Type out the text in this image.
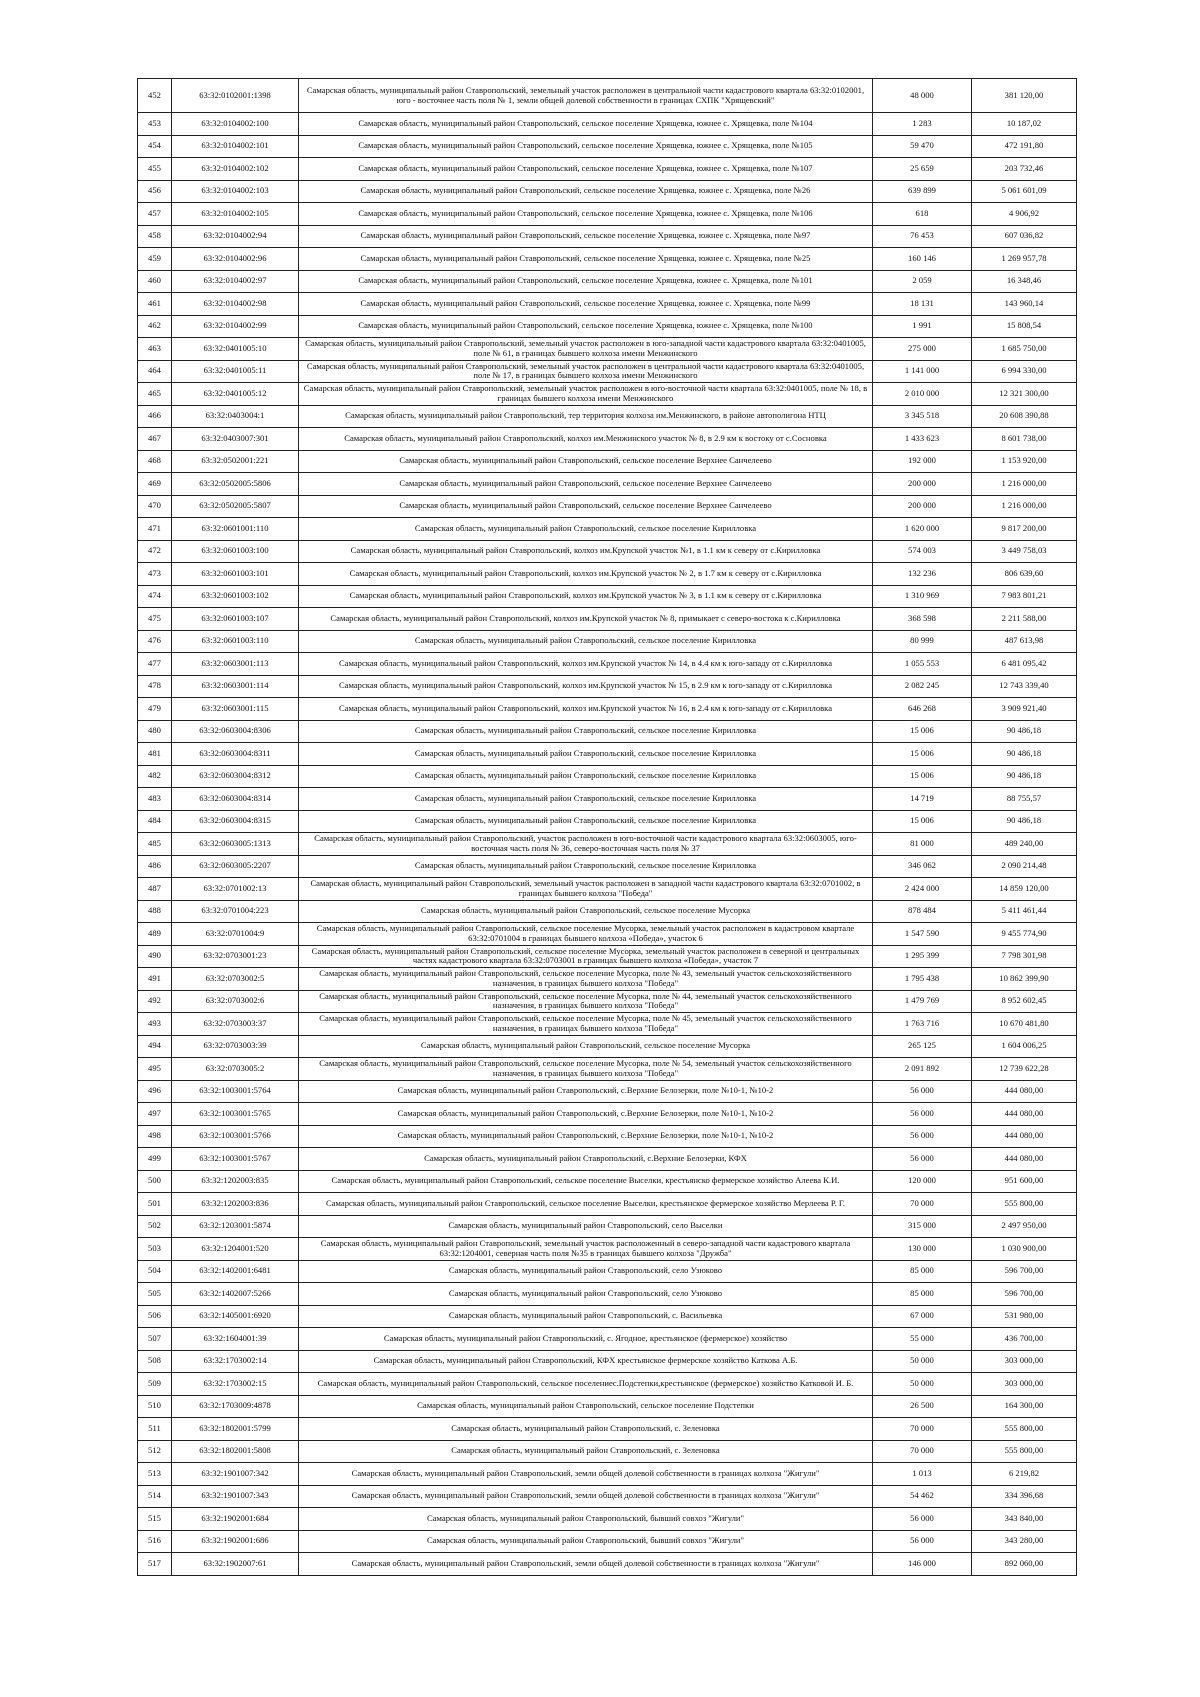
452	63:32:0102001:1398	Самарская область, муниципальный район Ставропольский, земельный участок расположен в центральной части кадастрового квартала 63:32:0102001, юго - восточнее часть поля № 1, земли общей долевой собственности в границах СХПК "Хрящевский"	48 000	381 120,00
453	63:32:0104002:100	Самарская область, муниципальный район Ставропольский, сельское поселение Хрящевка, южнее с. Хрящевка, поле №104	1 283	10 187,02
454	63:32:0104002:101	Самарская область, муниципальный район Ставропольский, сельское поселение Хрящевка, южнее с. Хрящевка, поле №105	59 470	472 191,80
455	63:32:0104002:102	Самарская область, муниципальный район Ставропольский, сельское поселение Хрящевка, южнее с. Хрящевка, поле №107	25 659	203 732,46
456	63:32:0104002:103	Самарская область, муниципальный район Ставропольский, сельское поселение Хрящевка, южнее с. Хрящевка, поле №26	639 899	5 061 601,09
457	63:32:0104002:105	Самарская область, муниципальный район Ставропольский, сельское поселение Хрящевка, южнее с. Хрящевка, поле №106	618	4 906,92
458	63:32:0104002:94	Самарская область, муниципальный район Ставропольский, сельское поселение Хрящевка, южнее с. Хрящевка, поле №97	76 453	607 036,82
459	63:32:0104002:96	Самарская область, муниципальный район Ставропольский, сельское поселение Хрящевка, южнее с. Хрящевка, поле №25	160 146	1 269 957,78
460	63:32:0104002:97	Самарская область, муниципальный район Ставропольский, сельское поселение Хрящевка, южнее с. Хрящевка, поле №101	2 059	16 348,46
461	63:32:0104002:98	Самарская область, муниципальный район Ставропольский, сельское поселение Хрящевка, южнее с. Хрящевка, поле №99	18 131	143 960,14
462	63:32:0104002:99	Самарская область, муниципальный район Ставропольский, сельское поселение Хрящевка, южнее с. Хрящевка, поле №100	1 991	15 808,54
463	63:32:0401005:10	Самарская область, муниципальный район Ставропольский, земельный участок расположен в юго-западной части кадастрового квартала 63:32:0401005, поле № 61, в границах бывшего колхоза имени Менжинского	275 000	1 685 750,00
464	63:32:0401005:11	Самарская область, муниципальный район Ставропольский, земельный участок расположен в центральной части кадастрового квартала 63:32:0401005, поле № 17, в границах бывшего колхоза имени Менжинского	1 141 000	6 994 330,00
465	63:32:0401005:12	Самарская область, муниципальный район Ставропольский, земельный участок расположен в юго-восточной части квартала 63:32:0401005, поле № 18, в границах бывшего колхоза имени Менжинского	2 010 000	12 321 300,00
466	63:32:0403004:1	Самарская область, муниципальный район Ставропольский, тер территория колхоза им.Менжинского, в районе автополигона НТЦ	3 345 518	20 608 390,88
467	63:32:0403007:301	Самарская область, муниципальный район Ставропольский, колхоз им.Менжинского участок № 8, в 2.9 км к востоку от с.Сосновка	1 433 623	8 601 738,00
468	63:32:0502001:221	Самарская область, муниципальный район Ставропольский, сельское поселение Верхнее Санчелеево	192 000	1 153 920,00
469	63:32:0502005:5806	Самарская область, муниципальный район Ставропольский, сельское поселение Верхнее Санчелеево	200 000	1 216 000,00
470	63:32:0502005:5807	Самарская область, муниципальный район Ставропольский, сельское поселение Верхнее Санчелеево	200 000	1 216 000,00
471	63:32:0601001:110	Самарская область, муниципальный район Ставропольский, сельское поселение Кирилловка	1 620 000	9 817 200,00
472	63:32:0601003:100	Самарская область, муниципальный район Ставропольский, колхоз им.Крупской участок №1, в 1.1 км к северу от с.Кирилловка	574 003	3 449 758,03
473	63:32:0601003:101	Самарская область, муниципальный район Ставропольский, колхоз им.Крупской участок № 2, в 1.7 км к северу от с.Кирилловка	132 236	806 639,60
474	63:32:0601003:102	Самарская область, муниципальный район Ставропольский, колхоз им.Крупской участок № 3, в 1.1 км к северу от с.Кирилловка	1 310 969	7 983 801,21
475	63:32:0601003:107	Самарская область, муниципальный район Ставропольский, колхоз им.Крупской участок № 8, примыкает с северо-востока к с.Кирилловка	368 598	2 211 588,00
476	63:32:0601003:110	Самарская область, муниципальный район Ставропольский, сельское поселение Кирилловка	80 999	487 613,98
477	63:32:0603001:113	Самарская область, муниципальный район Ставропольский, колхоз им.Крупской участок № 14, в 4.4 км к юго-западу от с.Кирилловка	1 055 553	6 481 095,42
478	63:32:0603001:114	Самарская область, муниципальный район Ставропольский, колхоз им.Крупской участок № 15, в 2.9 км к юго-западу от с.Кирилловка	2 082 245	12 743 339,40
479	63:32:0603001:115	Самарская область, муниципальный район Ставропольский, колхоз им.Крупской участок № 16, в 2.4 км к юго-западу от с.Кирилловка	646 268	3 909 921,40
480	63:32:0603004:8306	Самарская область, муниципальный район Ставропольский, сельское поселение Кирилловка	15 006	90 486,18
481	63:32:0603004:8311	Самарская область, муниципальный район Ставропольский, сельское поселение Кирилловка	15 006	90 486,18
482	63:32:0603004:8312	Самарская область, муниципальный район Ставропольский, сельское поселение Кирилловка	15 006	90 486,18
483	63:32:0603004:8314	Самарская область, муниципальный район Ставропольский, сельское поселение Кирилловка	14 719	88 755,57
484	63:32:0603004:8315	Самарская область, муниципальный район Ставропольский, сельское поселение Кирилловка	15 006	90 486,18
485	63:32:0603005:1313	Самарская область, муниципальный район Ставропольский, участок расположен в юго-восточной части кадастрового квартала 63:32:0603005, юго-восточная часть поля № 36, северо-восточная часть поля № 37	81 000	489 240,00
486	63:32:0603005:2207	Самарская область, муниципальный район Ставропольский, сельское поселение Кирилловка	346 062	2 090 214,48
487	63:32:0701002:13	Самарская область, муниципальный район Ставропольский, земельный участок расположен в западной части кадастрового квартала 63:32:0701002, в границах бывшего колхоза "Победа"	2 424 000	14 859 120,00
488	63:32:0701004:223	Самарская область, муниципальный район Ставропольский, сельское поселение Мусорка	878 484	5 411 461,44
489	63:32:0701004:9	Самарская область, муниципальный район Ставропольский, сельское поселение Мусорка, земельный участок расположен в кадастровом квартале 63:32:0701004 в границах бывшего колхоза «Победа», участок 6	1 547 590	9 455 774,90
490	63:32:0703001:23	Самарская область, муниципальный район Ставропольский, сельское поселение Мусорка, земельный участок расположен в северной и центральных частях кадастрового квартала 63:32:0703001 в границах бывшего колхоза «Победа», участок 7	1 295 399	7 798 301,98
491	63:32:0703002:5	Самарская область, муниципальный район Ставропольский, сельское поселение Мусорка, поле № 43, земельный участок сельскохозяйственного назначения, в границах бывшего колхоза "Победа"	1 795 438	10 862 399,90
492	63:32:0703002:6	Самарская область, муниципальный район Ставропольский, сельское поселение Мусорка, поле № 44, земельный участок сельскохозяйственного назначения, в границах бывшего колхоза "Победа"	1 479 769	8 952 602,45
493	63:32:0703003:37	Самарская область, муниципальный район Ставропольский, сельское поселение Мусорка, поле № 45, земельный участок сельскохозяйственного назначения, в границах бывшего колхоза "Победа"	1 763 716	10 670 481,80
494	63:32:0703003:39	Самарская область, муниципальный район Ставропольский, сельское поселение Мусорка	265 125	1 604 006,25
495	63:32:0703005:2	Самарская область, муниципальный район Ставропольский, сельское поселение Мусорка, поле № 54, земельный участок сельскохозяйственного назначения, в границах бывшего колхоза "Победа"	2 091 892	12 739 622,28
496	63:32:1003001:5764	Самарская область, муниципальный район Ставропольский, с.Верхние Белозерки, поле №10-1, №10-2	56 000	444 080,00
497	63:32:1003001:5765	Самарская область, муниципальный район Ставропольский, с.Верхние Белозерки, поле №10-1, №10-2	56 000	444 080,00
498	63:32:1003001:5766	Самарская область, муниципальный район Ставропольский, с.Верхние Белозерки, поле №10-1, №10-2	56 000	444 080,00
499	63:32:1003001:5767	Самарская область, муниципальный район Ставропольский, с.Верхние Белозерки, КФХ	56 000	444 080,00
500	63:32:1202003:835	Самарская область, муниципальный район Ставропольский, сельское поселение Выселки, крестьянско фермерское хозяйство Алеева К.И.	120 000	951 600,00
501	63:32:1202003:836	Самарская область, муниципальный район Ставропольский, сельское поселение Выселки, крестьянское фермерское хозяйство Мерлеева Р. Г.	70 000	555 800,00
502	63:32:1203001:5874	Самарская область, муниципальный район Ставропольский, село Выселки	315 000	2 497 950,00
503	63:32:1204001:520	Самарская область, муниципальный район Ставропольский, земельный участок расположенный в северо-западной части кадастрового квартала 63:32:1204001, северная часть поля №35 в границах бывшего колхоза "Дружба"	130 000	1 030 900,00
504	63:32:1402001:6481	Самарская область, муниципальный район Ставропольский, село Узюково	85 000	596 700,00
505	63:32:1402007:5266	Самарская область, муниципальный район Ставропольский, село Узюково	85 000	596 700,00
506	63:32:1405001:6920	Самарская область, муниципальный район Ставропольский, с. Васильевка	67 000	531 980,00
507	63:32:1604001:39	Самарская область, муниципальный район Ставропольский, с. Ягодное, крестьянское (фермерское) хозяйство	55 000	436 700,00
508	63:32:1703002:14	Самарская область, муниципальный район Ставропольский, КФХ крестьянское фермерское хозяйство Каткова А.Б.	50 000	303 000,00
509	63:32:1703002:15	Самарская область, муниципальный район Ставропольский, сельское поселениеc.Подстепки,крестьянское (фермерское) хозяйство Катковой И. Б.	50 000	303 000,00
510	63:32:1703009:4878	Самарская область, муниципальный район Ставропольский, сельское поселение Подстепки	26 500	164 300,00
511	63:32:1802001:5799	Самарская область, муниципальный район Ставропольский, с. Зеленовка	70 000	555 800,00
512	63:32:1802001:5808	Самарская область, муниципальный район Ставропольский, с. Зеленовка	70 000	555 800,00
513	63:32:1901007:342	Самарская область, муниципальный район Ставропольский, земли общей долевой собственности в границах колхоза "Жигули"	1 013	6 219,82
514	63:32:1901007:343	Самарская область, муниципальный район Ставропольский, земли общей долевой собственности в границах колхоза "Жигули"	54 462	334 396,68
515	63:32:1902001:684	Самарская область, муниципальный район Ставропольский, бывший совхоз "Жигули"	56 000	343 840,00
516	63:32:1902001:686	Самарская область, муниципальный район Ставропольский, бывший совхоз "Жигули"	56 000	343 280,00
517	63:32:1902007:61	Самарская область, муниципальный район Ставропольский, земли общей долевой собственности в границах колхоза "Жигули"	146 000	892 060,00
